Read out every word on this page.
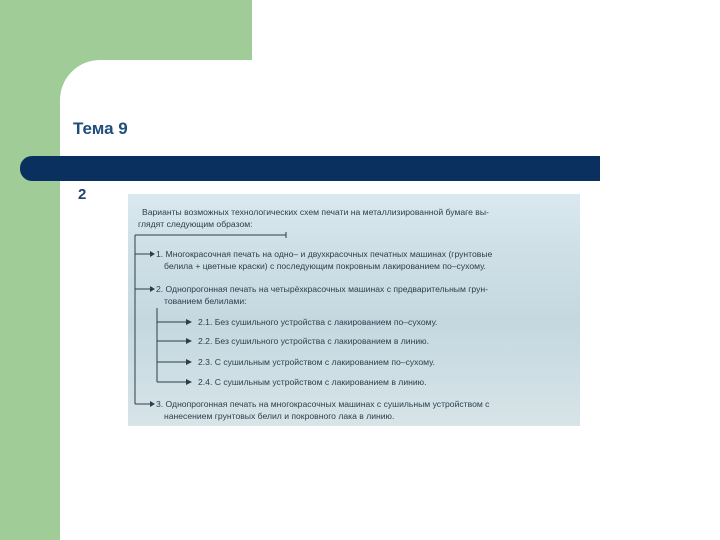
Тема 9
2
Варианты возможных технологических схем печати на металлизированной бумаге вы-
глядят следующим образом:
1. Многокрасочная печать на одно– и двухкрасочных печатных машинах (грунтовые
белила + цветные краски) с последующим покровным лакированием по–сухому.
2. Однопрогонная печать на четырёхкрасочных машинах с предварительным грун-
тованием белилами:
2.1. Без сушильного устройства с лакированием по–сухому.
2.2. Без сушильного устройства с лакированием в линию.
2.3. С сушильным устройством с лакированием по–сухому.
2.4. С сушильным устройством с лакированием в линию.
3. Однопрогонная печать на многокрасочных машинах с сушильным устройством с
нанесением грунтовых белил и покровного лака в линию.
